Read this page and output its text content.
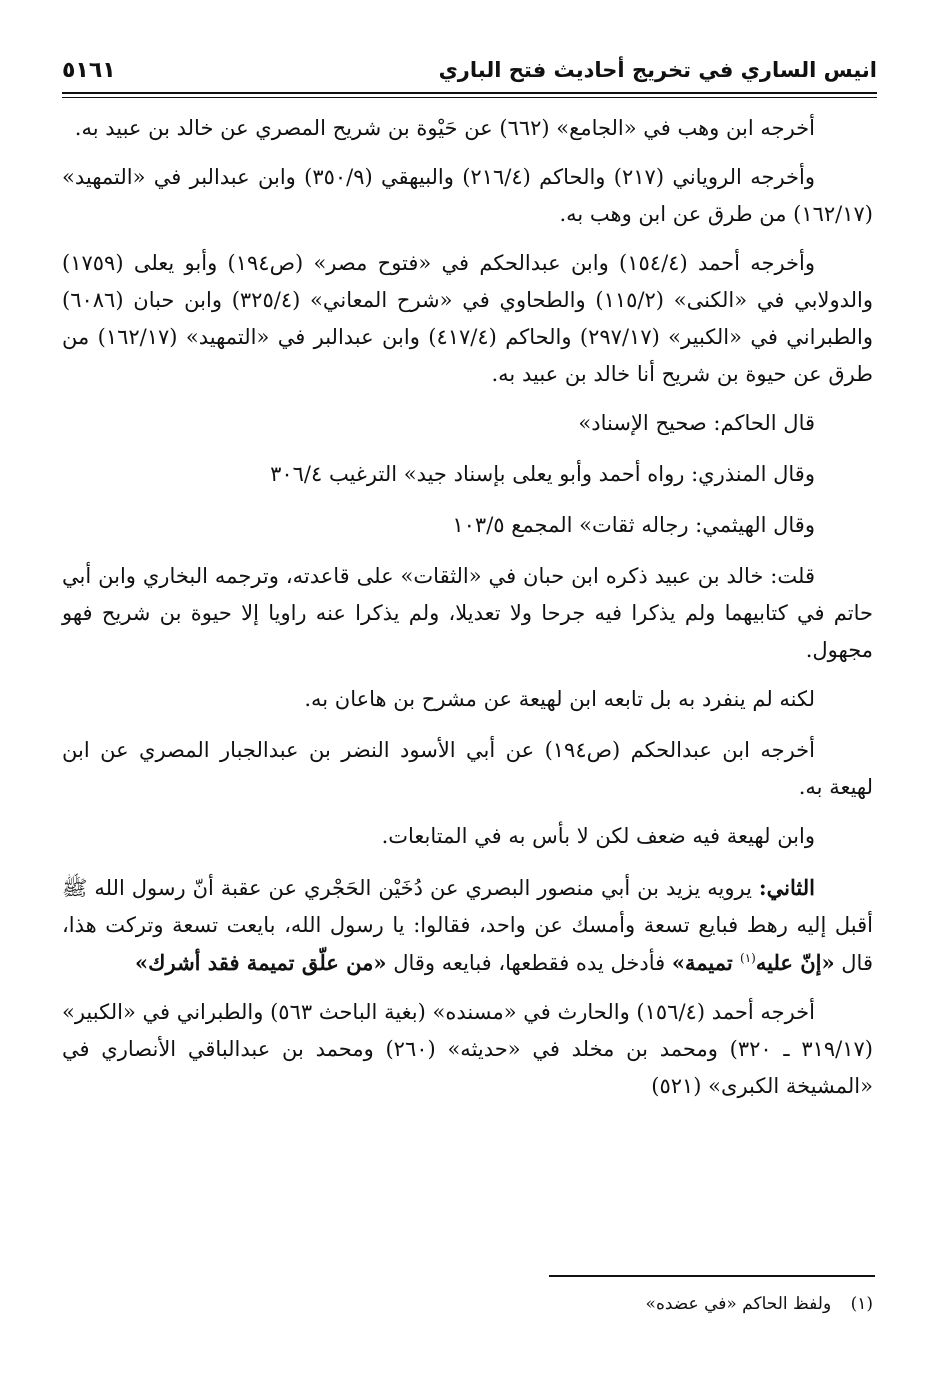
انيس الساري في تخريج أحاديث فتح الباري
٥١٦١

أخرجه ابن وهب في «الجامع» (٦٦٢) عن حَيْوة بن شريح المصري عن خالد بن عبيد به.

وأخرجه الروياني (٢١٧) والحاكم (٢١٦/٤) والبيهقي (٣٥٠/٩) وابن عبدالبر في «التمهيد» (١٦٢/١٧) من طرق عن ابن وهب به.

وأخرجه أحمد (١٥٤/٤) وابن عبدالحكم في «فتوح مصر» (ص١٩٤) وأبو يعلى (١٧٥٩) والدولابي في «الكنى» (١١٥/٢) والطحاوي في «شرح المعاني» (٣٢٥/٤) وابن حبان (٦٠٨٦) والطبراني في «الكبير» (٢٩٧/١٧) والحاكم (٤١٧/٤) وابن عبدالبر في «التمهيد» (١٦٢/١٧) من طرق عن حيوة بن شريح أنا خالد بن عبيد به.

قال الحاكم: صحيح الإسناد»

وقال المنذري: رواه أحمد وأبو يعلى بإسناد جيد» الترغيب ٣٠٦/٤

وقال الهيثمي: رجاله ثقات» المجمع ١٠٣/٥

قلت: خالد بن عبيد ذكره ابن حبان في «الثقات» على قاعدته، وترجمه البخاري وابن أبي حاتم في كتابيهما ولم يذكرا فيه جرحا ولا تعديلا، ولم يذكرا عنه راويا إلا حيوة بن شريح فهو مجهول.

لكنه لم ينفرد به بل تابعه ابن لهيعة عن مشرح بن هاعان به.

أخرجه ابن عبدالحكم (ص١٩٤) عن أبي الأسود النضر بن عبدالجبار المصري عن ابن لهيعة به.

وابن لهيعة فيه ضعف لكن لا بأس به في المتابعات.

الثاني: يرويه يزيد بن أبي منصور البصري عن دُخَيْن الحَجْري عن عقبة أنّ رسول الله ﷺ أقبل إليه رهط فبايع تسعة وأمسك عن واحد، فقالوا: يا رسول الله، بايعت تسعة وتركت هذا، قال «إنّ عليه$^{(١)}$ تميمة» فأدخل يده فقطعها، فبايعه وقال «من علّق تميمة فقد أشرك»

أخرجه أحمد (١٥٦/٤) والحارث في «مسنده» (بغية الباحث ٥٦٣) والطبراني في «الكبير» (٣١٩/١٧ ـ ٣٢٠) ومحمد بن مخلد في «حديثه» (٢٦٠) ومحمد بن عبدالباقي الأنصاري في «المشيخة الكبرى» (٥٢١)

(١) ولفظ الحاكم «في عضده»
